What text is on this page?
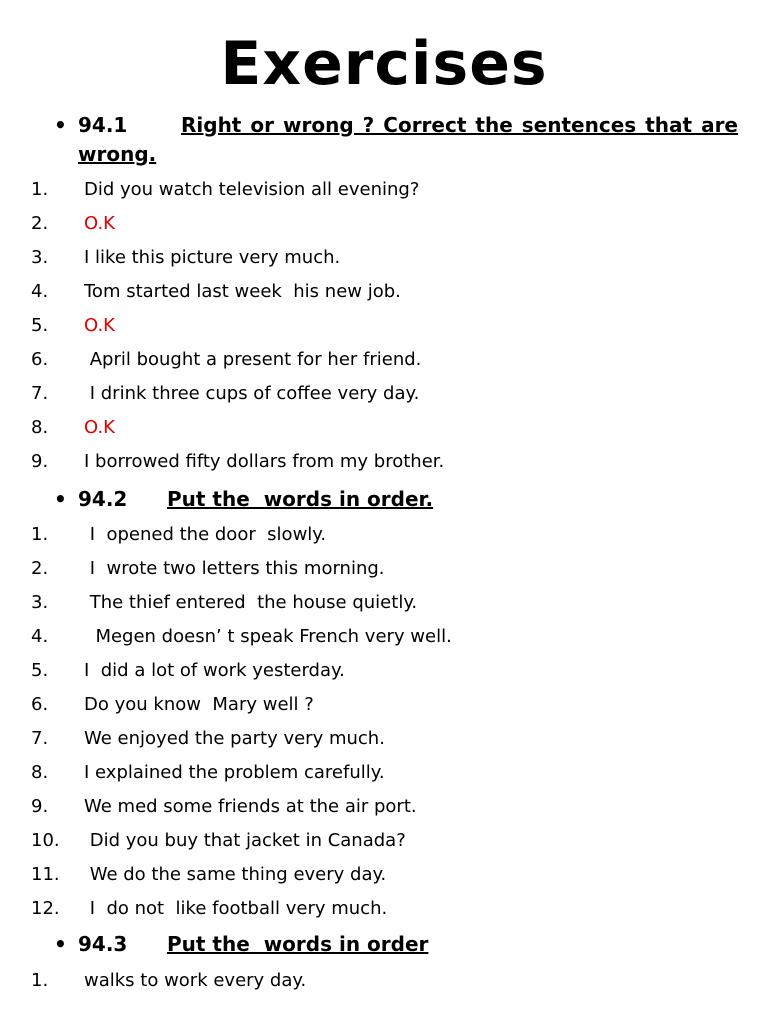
Exercises
• 94.1	Right or wrong ? Correct the sentences that are wrong.
1. Did you watch television all evening?
2. O.K
3. I like this picture very much.
4. Tom started last week  his new job.
5. O.K
6. April bought a present for her friend.
7. I drink three cups of coffee very day.
8. O.K
9. I borrowed fifty dollars from my brother.
• 94.2 Put the  words in order.
1. I  opened the door  slowly.
2. I  wrote two letters this morning.
3. The thief entered  the house quietly.
4. Megen doesn’ t speak French very well.
5. I  did a lot of work yesterday.
6. Do you know  Mary well ?
7. We enjoyed the party very much.
8. I explained the problem carefully.
9. We med some friends at the air port.
10. Did you buy that jacket in Canada?
11. We do the same thing every day.
12. I  do not  like football very much.
• 94.3 Put the  words in order
1. walks to work every day.
